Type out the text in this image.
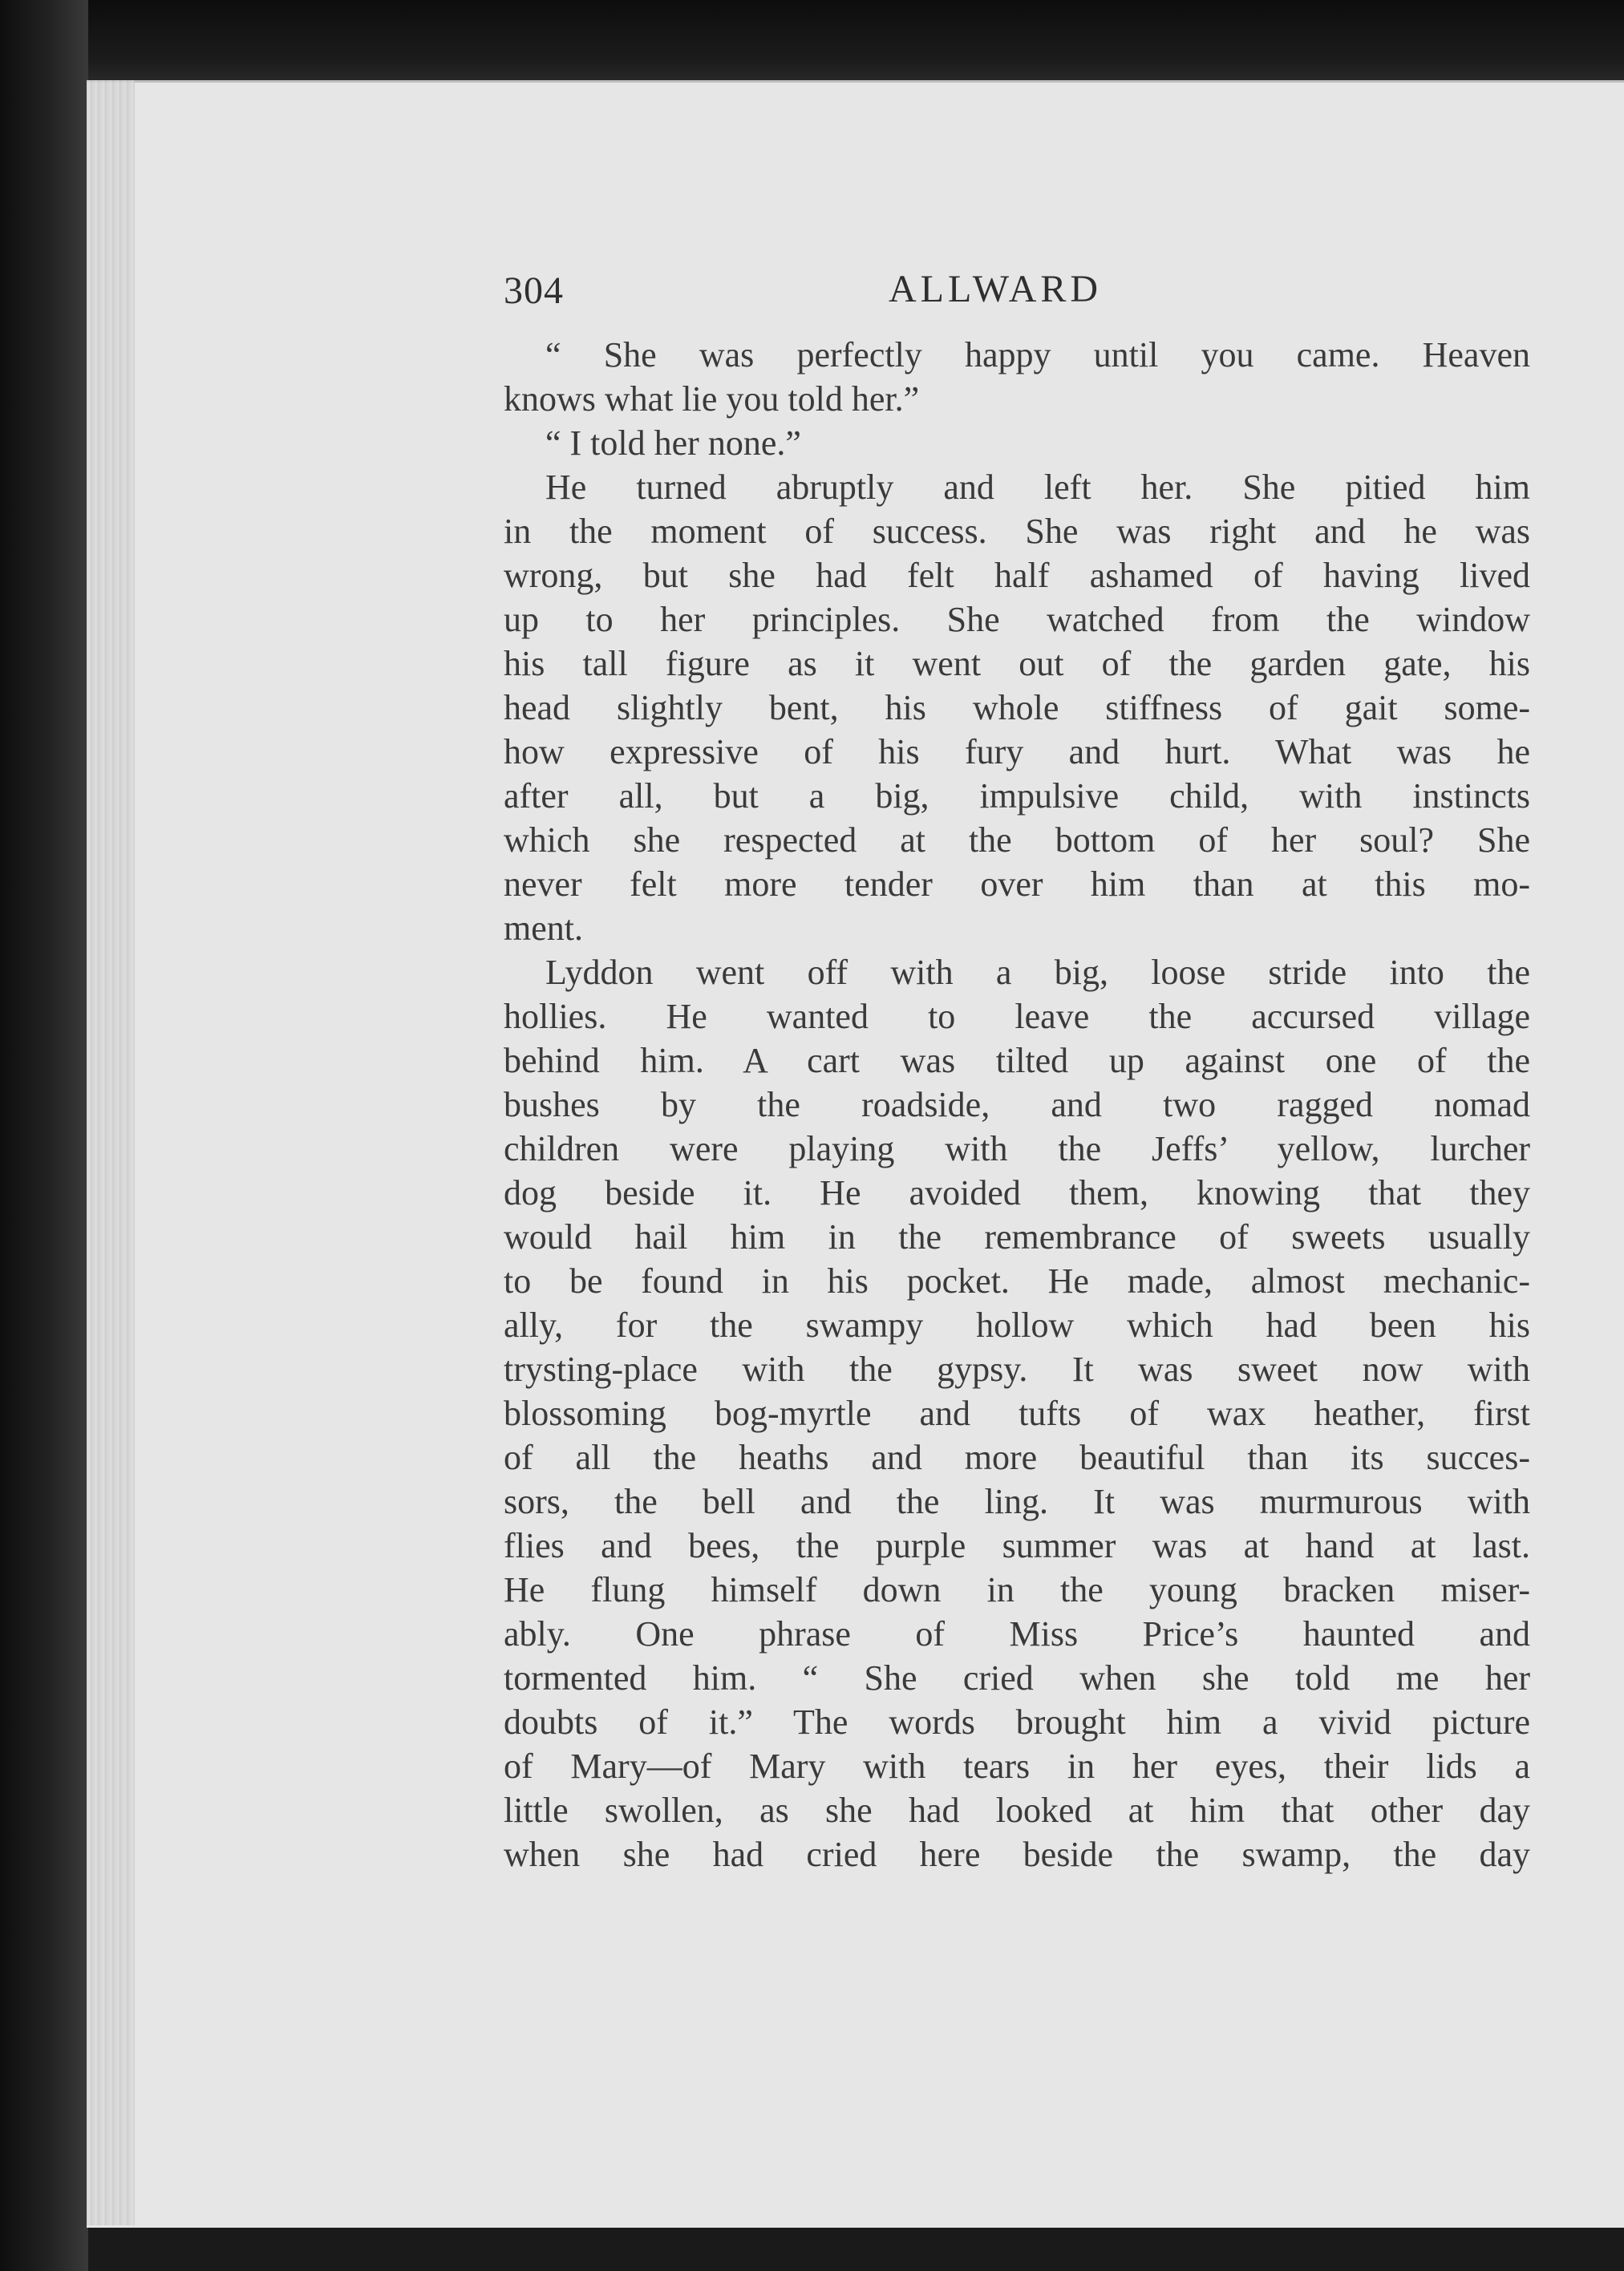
304	ALLWARD
“ She was perfectly happy until you came. Heaven
knows what lie you told her.”
“ I told her none.”
He turned abruptly and left her. She pitied him
in the moment of success. She was right and he was
wrong, but she had felt half ashamed of having lived
up to her principles. She watched from the window
his tall figure as it went out of the garden gate, his
head slightly bent, his whole stiffness of gait some-
how expressive of his fury and hurt. What was he
after all, but a big, impulsive child, with instincts
which she respected at the bottom of her soul? She
never felt more tender over him than at this mo-
ment.
Lyddon went off with a big, loose stride into the
hollies. He wanted to leave the accursed village
behind him. A cart was tilted up against one of the
bushes by the roadside, and two ragged nomad
children were playing with the Jeffs’ yellow, lurcher
dog beside it. He avoided them, knowing that they
would hail him in the remembrance of sweets usually
to be found in his pocket. He made, almost mechanic-
ally, for the swampy hollow which had been his
trysting-place with the gypsy. It was sweet now with
blossoming bog-myrtle and tufts of wax heather, first
of all the heaths and more beautiful than its succes-
sors, the bell and the ling. It was murmurous with
flies and bees, the purple summer was at hand at last.
He flung himself down in the young bracken miser-
ably. One phrase of Miss Price’s haunted and
tormented him. “ She cried when she told me her
doubts of it.” The words brought him a vivid picture
of Mary—of Mary with tears in her eyes, their lids a
little swollen, as she had looked at him that other day
when she had cried here beside the swamp, the day
